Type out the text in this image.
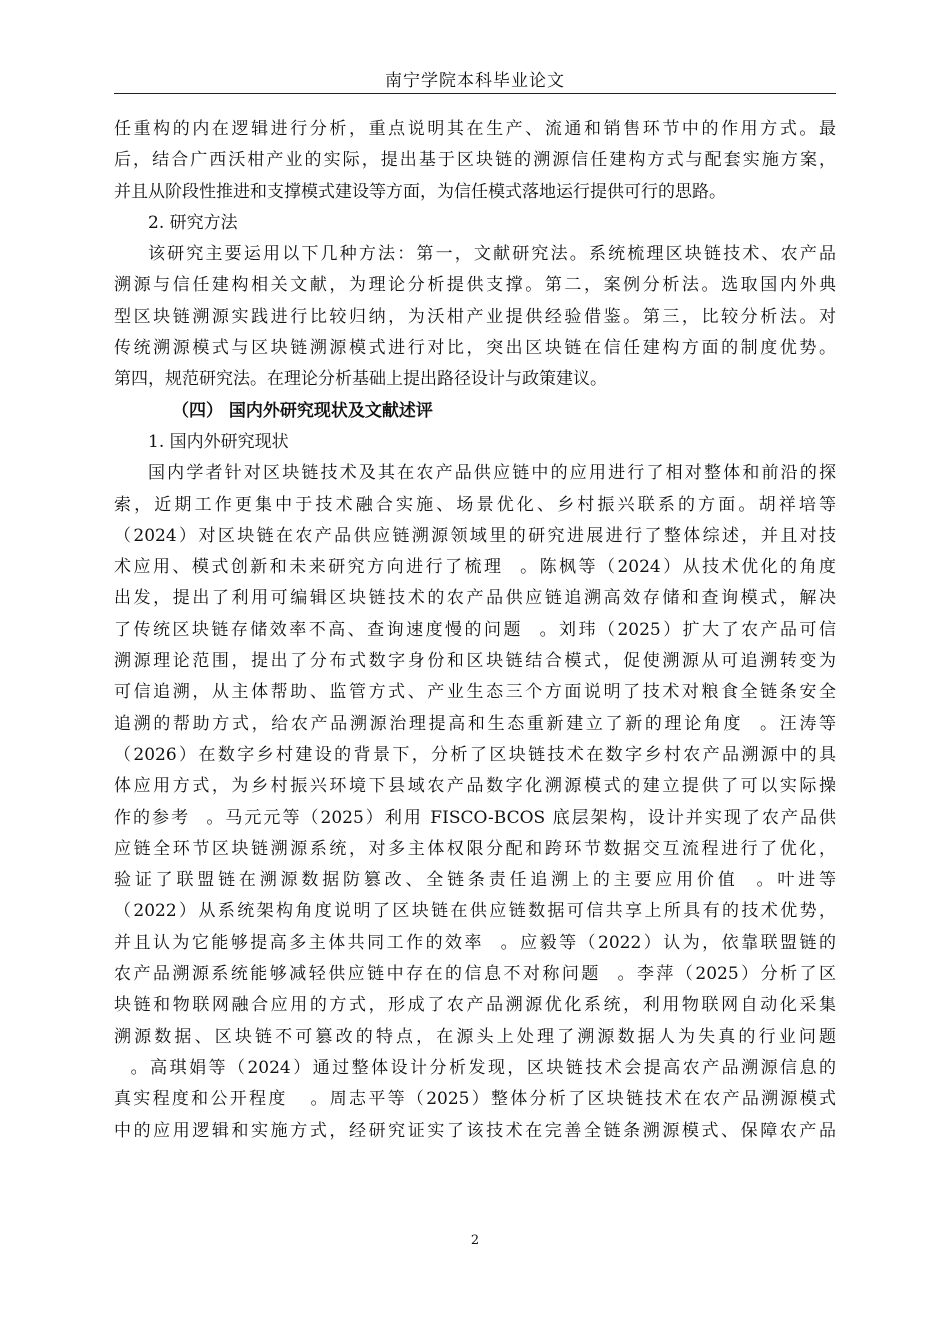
南宁学院本科毕业论文
任重构的内在逻辑进行分析，重点说明其在生产、流通和销售环节中的作用方式。最
后，结合广西沃柑产业的实际，提出基于区块链的溯源信任建构方式与配套实施方案，
并且从阶段性推进和支撑模式建设等方面，为信任模式落地运行提供可行的思路。
2. 研究方法
该研究主要运用以下几种方法：第一，文献研究法。系统梳理区块链技术、农产品
溯源与信任建构相关文献，为理论分析提供支撑。第二，案例分析法。选取国内外典
型区块链溯源实践进行比较归纳，为沃柑产业提供经验借鉴。第三，比较分析法。对
传统溯源模式与区块链溯源模式进行对比，突出区块链在信任建构方面的制度优势。
第四，规范研究法。在理论分析基础上提出路径设计与政策建议。
（四） 国内外研究现状及文献述评
1. 国内外研究现状
国内学者针对区块链技术及其在农产品供应链中的应用进行了相对整体和前沿的探
索，近期工作更集中于技术融合实施、场景优化、乡村振兴联系的方面。胡祥培等
（2024）对区块链在农产品供应链溯源领域里的研究进展进行了整体综述，并且对技
术应用、模式创新和未来研究方向进行了梳理 。陈枫等（2024）从技术优化的角度
出发，提出了利用可编辑区块链技术的农产品供应链追溯高效存储和查询模式，解决
了传统区块链存储效率不高、查询速度慢的问题 。刘玮（2025）扩大了农产品可信
溯源理论范围，提出了分布式数字身份和区块链结合模式，促使溯源从可追溯转变为
可信追溯，从主体帮助、监管方式、产业生态三个方面说明了技术对粮食全链条安全
追溯的帮助方式，给农产品溯源治理提高和生态重新建立了新的理论角度 。汪涛等
（2026）在数字乡村建设的背景下，分析了区块链技术在数字乡村农产品溯源中的具
体应用方式，为乡村振兴环境下县域农产品数字化溯源模式的建立提供了可以实际操
作的参考 。马元元等（2025）利用 FISCO-BCOS 底层架构，设计并实现了农产品供
应链全环节区块链溯源系统，对多主体权限分配和跨环节数据交互流程进行了优化，
验证了联盟链在溯源数据防篡改、全链条责任追溯上的主要应用价值 。叶进等
（2022）从系统架构角度说明了区块链在供应链数据可信共享上所具有的技术优势，
并且认为它能够提高多主体共同工作的效率 。应毅等（2022）认为，依靠联盟链的
农产品溯源系统能够减轻供应链中存在的信息不对称问题 。李萍（2025）分析了区
块链和物联网融合应用的方式，形成了农产品溯源优化系统，利用物联网自动化采集
溯源数据、区块链不可篡改的特点，在源头上处理了溯源数据人为失真的行业问题
。高琪娟等（2024）通过整体设计分析发现，区块链技术会提高农产品溯源信息的
真实程度和公开程度 。周志平等（2025）整体分析了区块链技术在农产品溯源模式
中的应用逻辑和实施方式，经研究证实了该技术在完善全链条溯源模式、保障农产品
2
